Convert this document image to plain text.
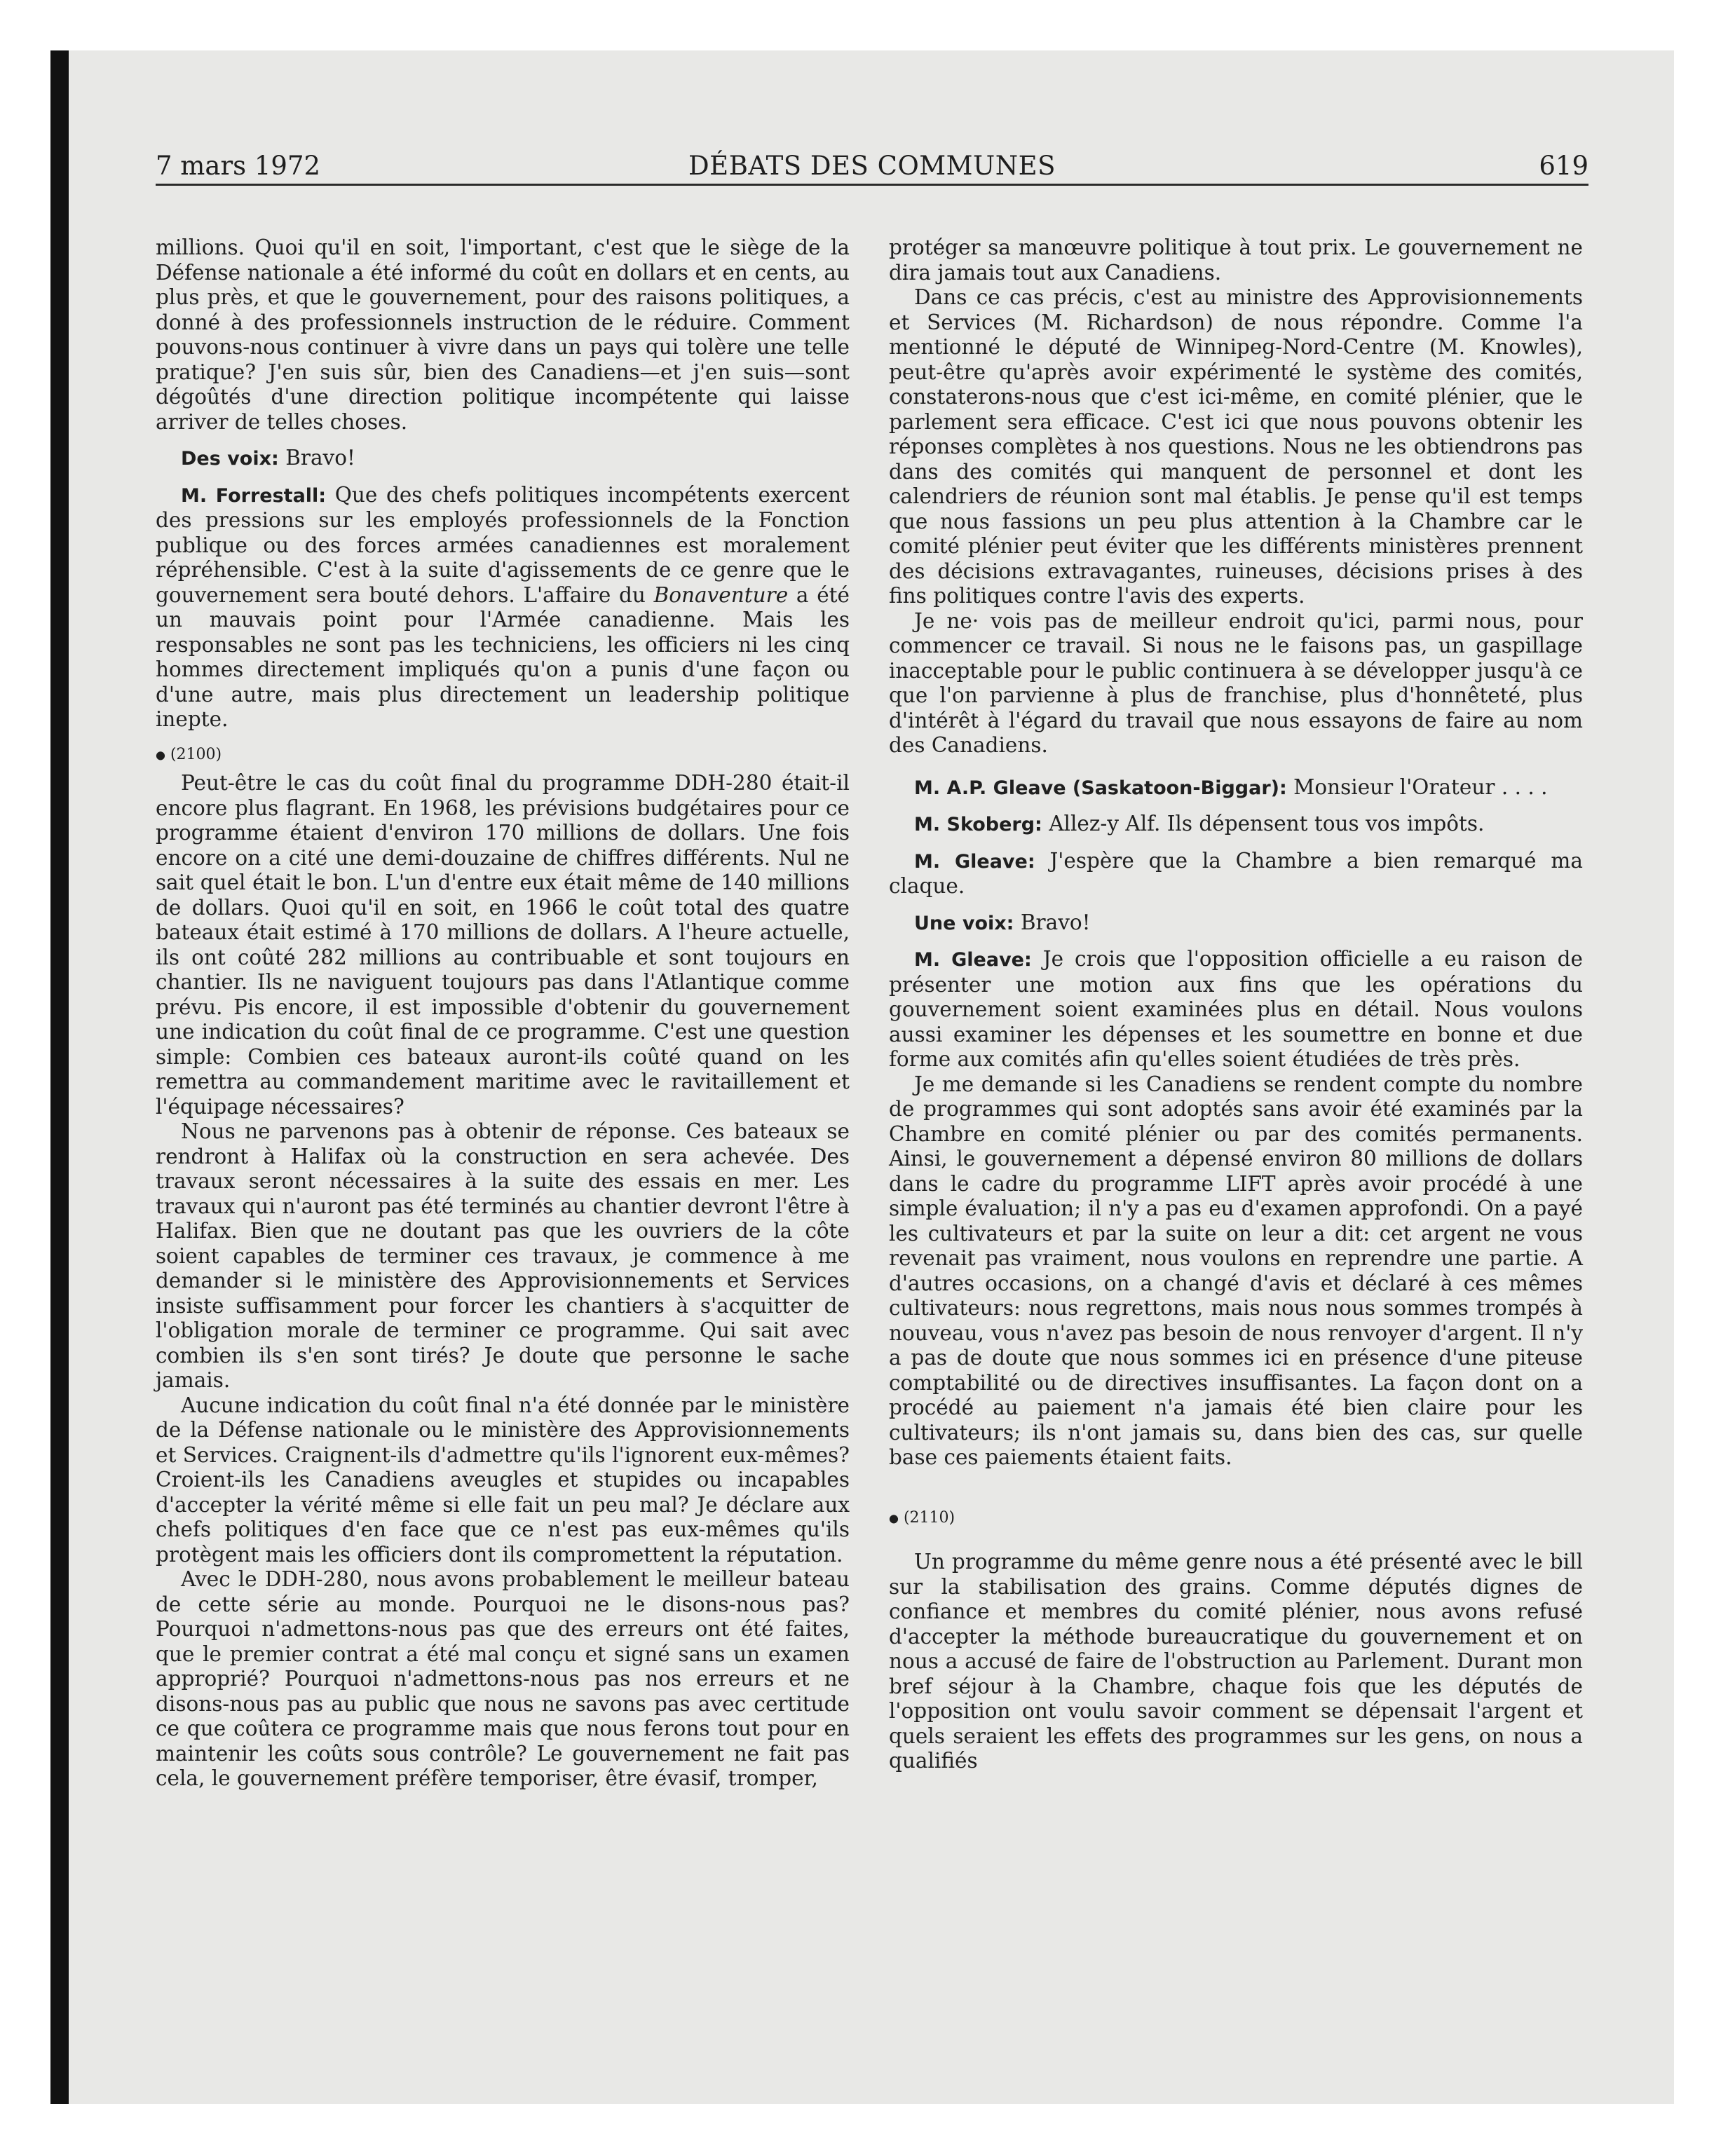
7 mars 1972	DÉBATS DES COMMUNES	619

millions. Quoi qu'il en soit, l'important, c'est que le siège de la Défense nationale a été informé du coût en dollars et en cents, au plus près, et que le gouvernement, pour des raisons politiques, a donné à des professionnels instruction de le réduire. Comment pouvons-nous continuer à vivre dans un pays qui tolère une telle pratique? J'en suis sûr, bien des Canadiens—et j'en suis—sont dégoûtés d'une direction politique incompétente qui laisse arriver de telles choses.

Des voix: Bravo!

M. Forrestall: Que des chefs politiques incompétents exercent des pressions sur les employés professionnels de la Fonction publique ou des forces armées canadiennes est moralement répréhensible. C'est à la suite d'agissements de ce genre que le gouvernement sera bouté dehors. L'affaire du Bonaventure a été un mauvais point pour l'Armée canadienne. Mais les responsables ne sont pas les techniciens, les officiers ni les cinq hommes directement impliqués qu'on a punis d'une façon ou d'une autre, mais plus directement un leadership politique inepte.

● (2100)

Peut-être le cas du coût final du programme DDH-280 était-il encore plus flagrant. En 1968, les prévisions budgétaires pour ce programme étaient d'environ 170 millions de dollars. Une fois encore on a cité une demi-douzaine de chiffres différents. Nul ne sait quel était le bon. L'un d'entre eux était même de 140 millions de dollars. Quoi qu'il en soit, en 1966 le coût total des quatre bateaux était estimé à 170 millions de dollars. A l'heure actuelle, ils ont coûté 282 millions au contribuable et sont toujours en chantier. Ils ne naviguent toujours pas dans l'Atlantique comme prévu. Pis encore, il est impossible d'obtenir du gouvernement une indication du coût final de ce programme. C'est une question simple: Combien ces bateaux auront-ils coûté quand on les remettra au commandement maritime avec le ravitaillement et l'équipage nécessaires?

Nous ne parvenons pas à obtenir de réponse. Ces bateaux se rendront à Halifax où la construction en sera achevée. Des travaux seront nécessaires à la suite des essais en mer. Les travaux qui n'auront pas été terminés au chantier devront l'être à Halifax. Bien que ne doutant pas que les ouvriers de la côte soient capables de terminer ces travaux, je commence à me demander si le ministère des Approvisionnements et Services insiste suffisamment pour forcer les chantiers à s'acquitter de l'obligation morale de terminer ce programme. Qui sait avec combien ils s'en sont tirés? Je doute que personne le sache jamais.

Aucune indication du coût final n'a été donnée par le ministère de la Défense nationale ou le ministère des Approvisionnements et Services. Craignent-ils d'admettre qu'ils l'ignorent eux-mêmes? Croient-ils les Canadiens aveugles et stupides ou incapables d'accepter la vérité même si elle fait un peu mal? Je déclare aux chefs politiques d'en face que ce n'est pas eux-mêmes qu'ils protègent mais les officiers dont ils compromettent la réputation.

Avec le DDH-280, nous avons probablement le meilleur bateau de cette série au monde. Pourquoi ne le disons-nous pas? Pourquoi n'admettons-nous pas que des erreurs ont été faites, que le premier contrat a été mal conçu et signé sans un examen approprié? Pourquoi n'admettons-nous pas nos erreurs et ne disons-nous pas au public que nous ne savons pas avec certitude ce que coûtera ce programme mais que nous ferons tout pour en maintenir les coûts sous contrôle? Le gouvernement ne fait pas cela, le gouvernement préfère temporiser, être évasif, tromper,

protéger sa manœuvre politique à tout prix. Le gouvernement ne dira jamais tout aux Canadiens.

Dans ce cas précis, c'est au ministre des Approvisionnements et Services (M. Richardson) de nous répondre. Comme l'a mentionné le député de Winnipeg-Nord-Centre (M. Knowles), peut-être qu'après avoir expérimenté le système des comités, constaterons-nous que c'est ici-même, en comité plénier, que le parlement sera efficace. C'est ici que nous pouvons obtenir les réponses complètes à nos questions. Nous ne les obtiendrons pas dans des comités qui manquent de personnel et dont les calendriers de réunion sont mal établis. Je pense qu'il est temps que nous fassions un peu plus attention à la Chambre car le comité plénier peut éviter que les différents ministères prennent des décisions extravagantes, ruineuses, décisions prises à des fins politiques contre l'avis des experts.

Je ne· vois pas de meilleur endroit qu'ici, parmi nous, pour commencer ce travail. Si nous ne le faisons pas, un gaspillage inacceptable pour le public continuera à se développer jusqu'à ce que l'on parvienne à plus de franchise, plus d'honnêteté, plus d'intérêt à l'égard du travail que nous essayons de faire au nom des Canadiens.

M. A.P. Gleave (Saskatoon-Biggar): Monsieur l'Orateur . . . .

M. Skoberg: Allez-y Alf. Ils dépensent tous vos impôts.

M. Gleave: J'espère que la Chambre a bien remarqué ma claque.

Une voix: Bravo!

M. Gleave: Je crois que l'opposition officielle a eu raison de présenter une motion aux fins que les opérations du gouvernement soient examinées plus en détail. Nous voulons aussi examiner les dépenses et les soumettre en bonne et due forme aux comités afin qu'elles soient étudiées de très près.

Je me demande si les Canadiens se rendent compte du nombre de programmes qui sont adoptés sans avoir été examinés par la Chambre en comité plénier ou par des comités permanents. Ainsi, le gouvernement a dépensé environ 80 millions de dollars dans le cadre du programme LIFT après avoir procédé à une simple évaluation; il n'y a pas eu d'examen approfondi. On a payé les cultivateurs et par la suite on leur a dit: cet argent ne vous revenait pas vraiment, nous voulons en reprendre une partie. A d'autres occasions, on a changé d'avis et déclaré à ces mêmes cultivateurs: nous regrettons, mais nous nous sommes trompés à nouveau, vous n'avez pas besoin de nous renvoyer d'argent. Il n'y a pas de doute que nous sommes ici en présence d'une piteuse comptabilité ou de directives insuffisantes. La façon dont on a procédé au paiement n'a jamais été bien claire pour les cultivateurs; ils n'ont jamais su, dans bien des cas, sur quelle base ces paiements étaient faits.

● (2110)

Un programme du même genre nous a été présenté avec le bill sur la stabilisation des grains. Comme députés dignes de confiance et membres du comité plénier, nous avons refusé d'accepter la méthode bureaucratique du gouvernement et on nous a accusé de faire de l'obstruction au Parlement. Durant mon bref séjour à la Chambre, chaque fois que les députés de l'opposition ont voulu savoir comment se dépensait l'argent et quels seraient les effets des programmes sur les gens, on nous a qualifiés
